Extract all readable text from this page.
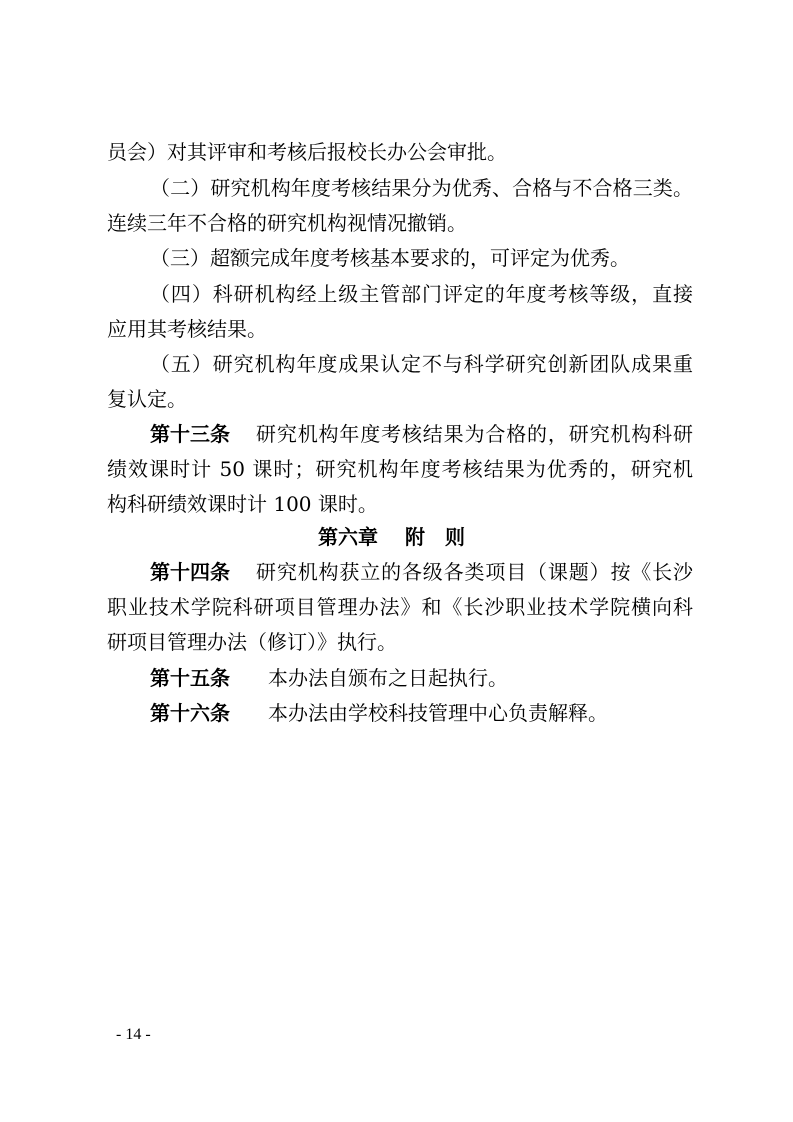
员会）对其评审和考核后报校长办公会审批。
（二）研究机构年度考核结果分为优秀、合格与不合格三类。
连续三年不合格的研究机构视情况撤销。
（三）超额完成年度考核基本要求的，可评定为优秀。
（四）科研机构经上级主管部门评定的年度考核等级，直接
应用其考核结果。
（五）研究机构年度成果认定不与科学研究创新团队成果重
复认定。
第十三条 研究机构年度考核结果为合格的，研究机构科研
绩效课时计 50 课时；研究机构年度考核结果为优秀的，研究机
构科研绩效课时计 100 课时。
第六章　 附　则
第十四条 研究机构获立的各级各类项目（课题）按《长沙
职业技术学院科研项目管理办法》和《长沙职业技术学院横向科
研项目管理办法（修订）》执行。
第十五条 本办法自颁布之日起执行。
第十六条 本办法由学校科技管理中心负责解释。
- 14 -
